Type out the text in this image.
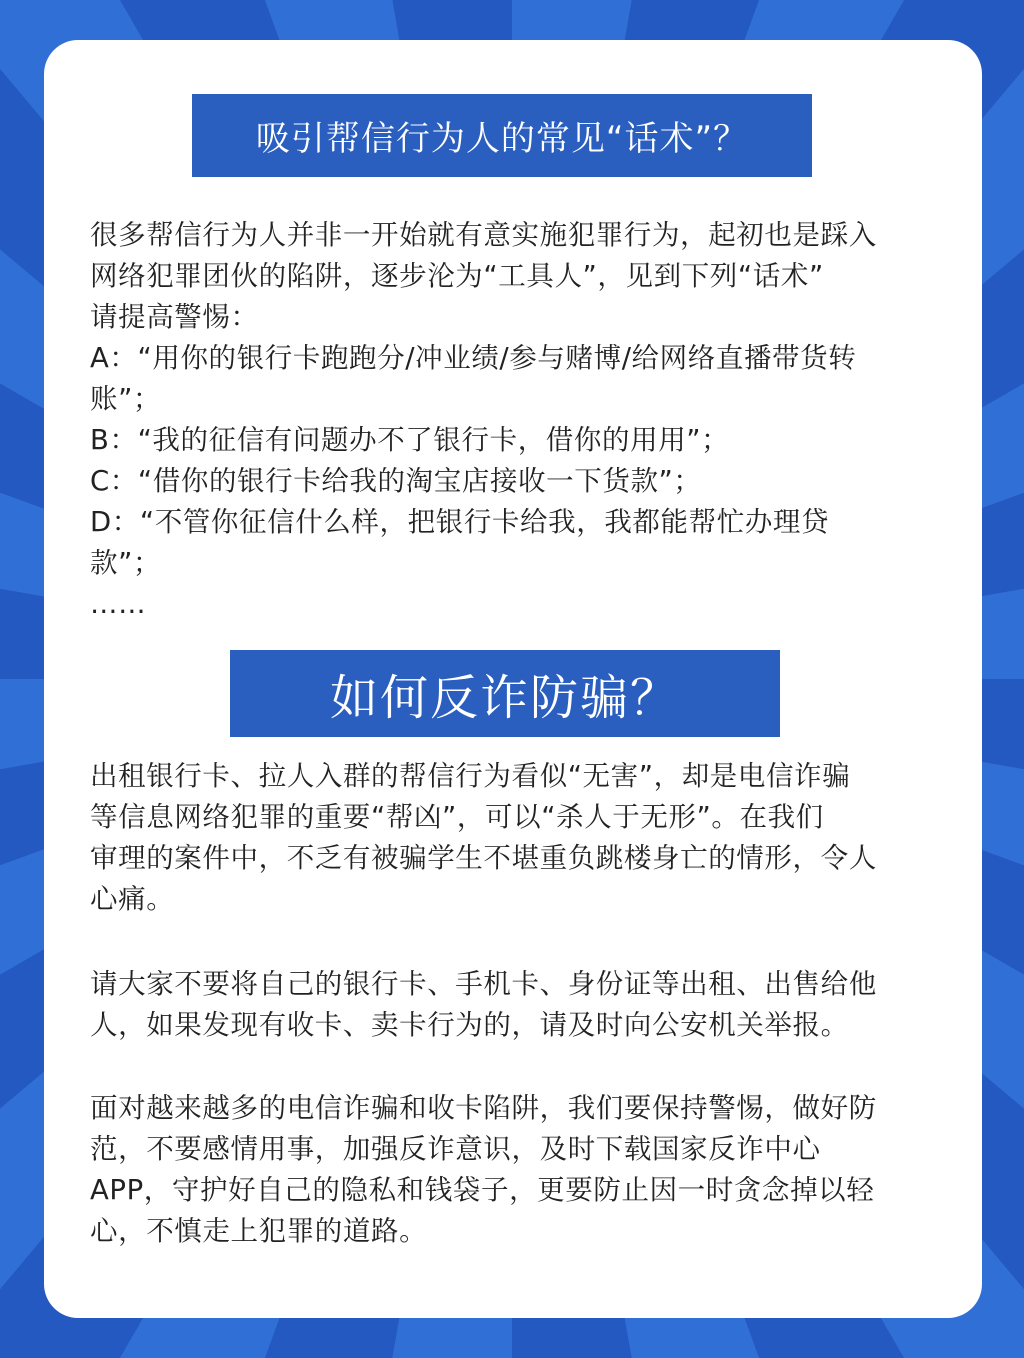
吸引帮信行为人的常见“话术”？
很多帮信行为人并非一开始就有意实施犯罪行为，起初也是踩入
网络犯罪团伙的陷阱，逐步沦为“工具人”，见到下列“话术”
请提高警惕：
A：“用你的银行卡跑跑分/冲业绩/参与赌博/给网络直播带货转
账”；
B：“我的征信有问题办不了银行卡，借你的用用”；
C：“借你的银行卡给我的淘宝店接收一下货款”；
D：“不管你征信什么样，把银行卡给我，我都能帮忙办理贷
款”；
……
如何反诈防骗？
出租银行卡、拉人入群的帮信行为看似“无害”，却是电信诈骗
等信息网络犯罪的重要“帮凶”，可以“杀人于无形”。在我们
审理的案件中，不乏有被骗学生不堪重负跳楼身亡的情形，令人
心痛。
请大家不要将自己的银行卡、手机卡、身份证等出租、出售给他
人，如果发现有收卡、卖卡行为的，请及时向公安机关举报。
面对越来越多的电信诈骗和收卡陷阱，我们要保持警惕，做好防
范，不要感情用事，加强反诈意识，及时下载国家反诈中心
APP，守护好自己的隐私和钱袋子，更要防止因一时贪念掉以轻
心，不慎走上犯罪的道路。
